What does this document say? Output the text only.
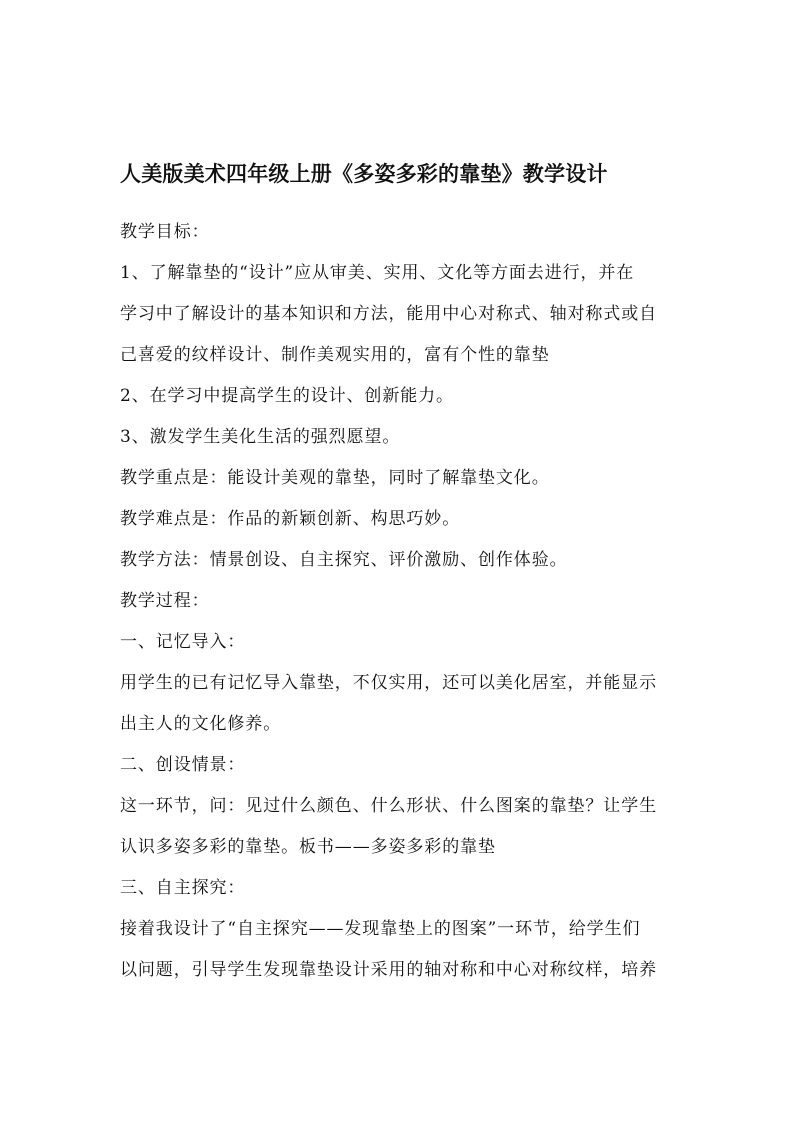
人美版美术四年级上册《多姿多彩的靠垫》教学设计
教学目标：
1、了解靠垫的“设计”应从审美、实用、文化等方面去进行，并在
学习中了解设计的基本知识和方法，能用中心对称式、轴对称式或自
己喜爱的纹样设计、制作美观实用的，富有个性的靠垫
2、在学习中提高学生的设计、创新能力。
3、激发学生美化生活的强烈愿望。
教学重点是：能设计美观的靠垫，同时了解靠垫文化。
教学难点是：作品的新颖创新、构思巧妙。
教学方法：情景创设、自主探究、评价激励、创作体验。
教学过程：
一、记忆导入：
用学生的已有记忆导入靠垫，不仅实用，还可以美化居室，并能显示
出主人的文化修养。
二、创设情景：
这一环节，问：见过什么颜色、什么形状、什么图案的靠垫？让学生
认识多姿多彩的靠垫。板书——多姿多彩的靠垫
三、自主探究：
接着我设计了“自主探究——发现靠垫上的图案”一环节，给学生们
以问题，引导学生发现靠垫设计采用的轴对称和中心对称纹样，培养
